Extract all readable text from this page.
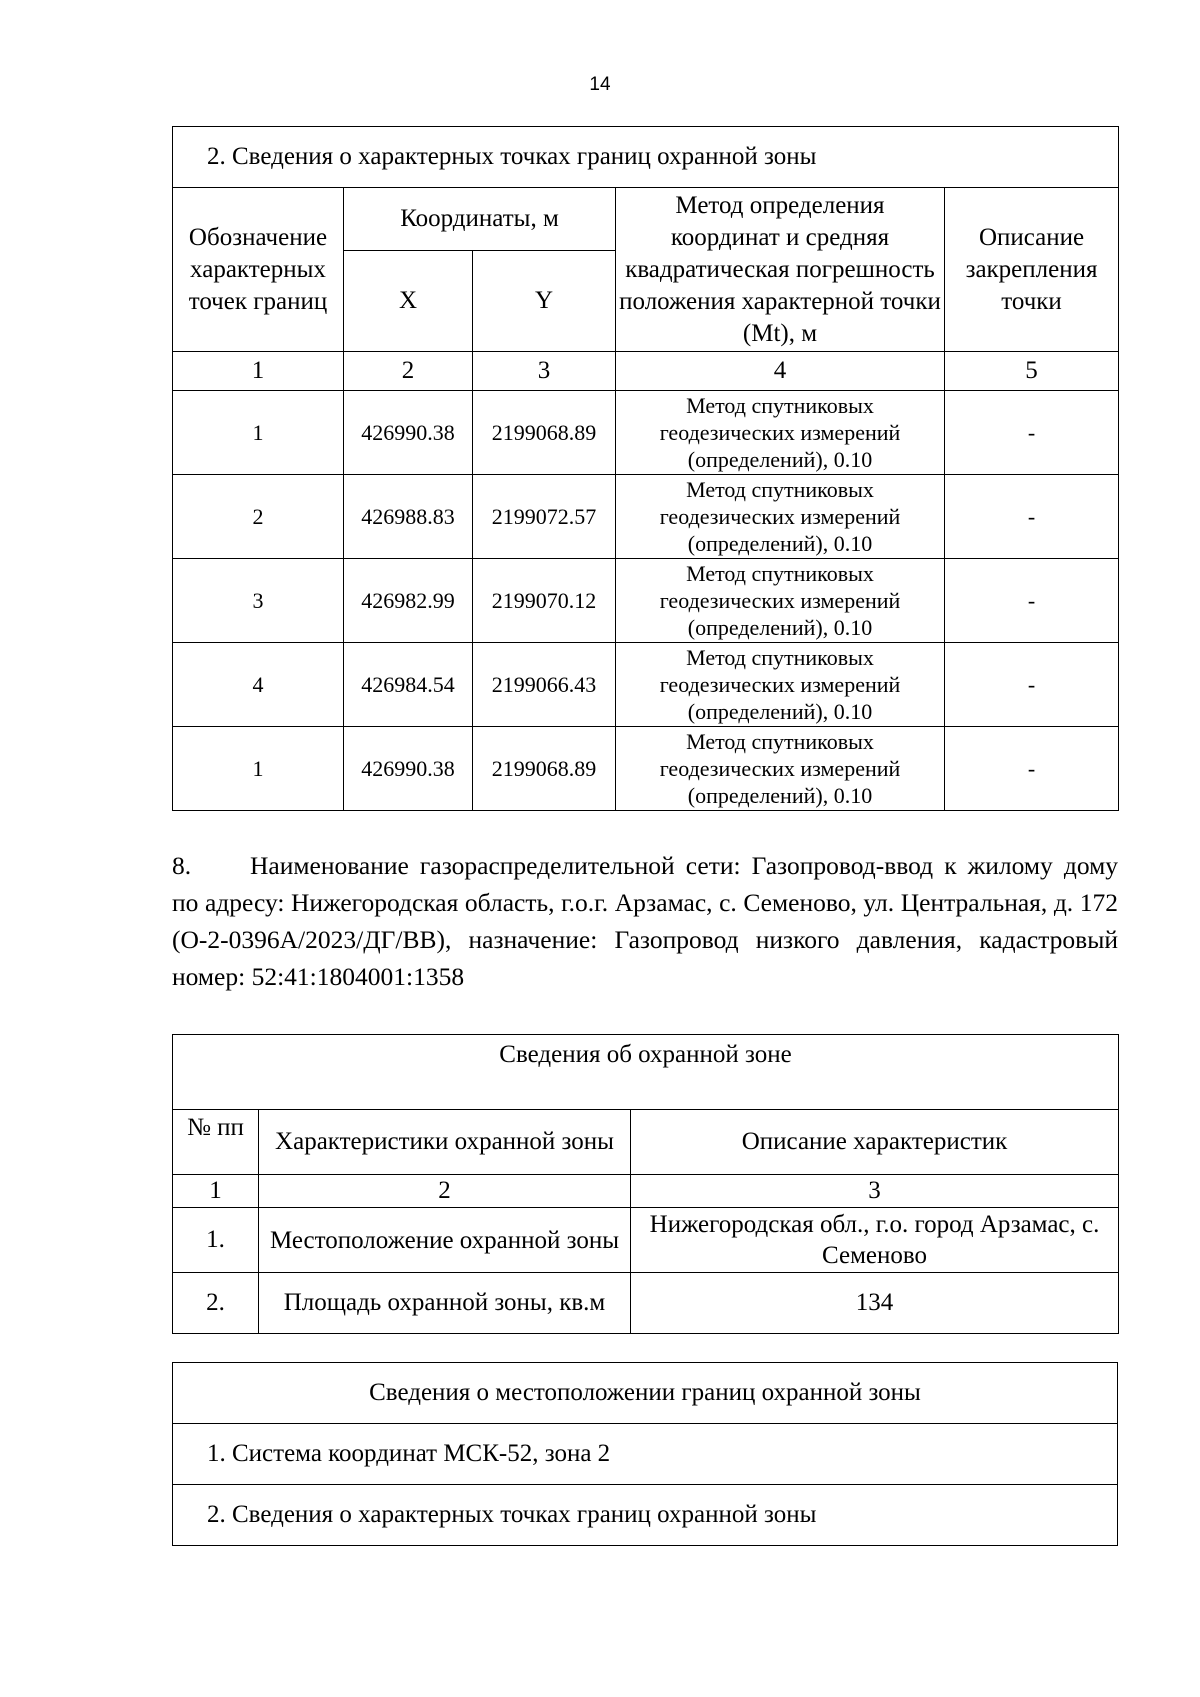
14
2. Сведения о характерных точках границ охранной зоны				
Обозначение характерных точек границ	Координаты, м		Метод определения координат и средняя квадратическая погрешность положения характерной точки (Mt), м	Описание закрепления точки
	X	Y		
1	2	3	4	5
1	426990.38	2199068.89	Метод спутниковых геодезических измерений (определений), 0.10	-
2	426988.83	2199072.57	Метод спутниковых геодезических измерений (определений), 0.10	-
3	426982.99	2199070.12	Метод спутниковых геодезических измерений (определений), 0.10	-
4	426984.54	2199066.43	Метод спутниковых геодезических измерений (определений), 0.10	-
1	426990.38	2199068.89	Метод спутниковых геодезических измерений (определений), 0.10	-

8. Наименование газораспределительной сети: Газопровод-ввод к жилому дому по адресу: Нижегородская область, г.о.г. Арзамас, с. Семеново, ул. Центральная, д. 172 (О-2-0396А/2023/ДГ/ВВ), назначение: Газопровод низкого давления, кадастровый номер: 52:41:1804001:1358

Сведения об охранной зоне		
№ пп	Характеристики охранной зоны	Описание характеристик
1	2	3
1.	Местоположение охранной зоны	Нижегородская обл., г.о. город Арзамас, с. Семеново
2.	Площадь охранной зоны, кв.м	134
Сведения о местоположении границ охранной зоны
1. Система координат МСК-52, зона 2
2. Сведения о характерных точках границ охранной зоны
